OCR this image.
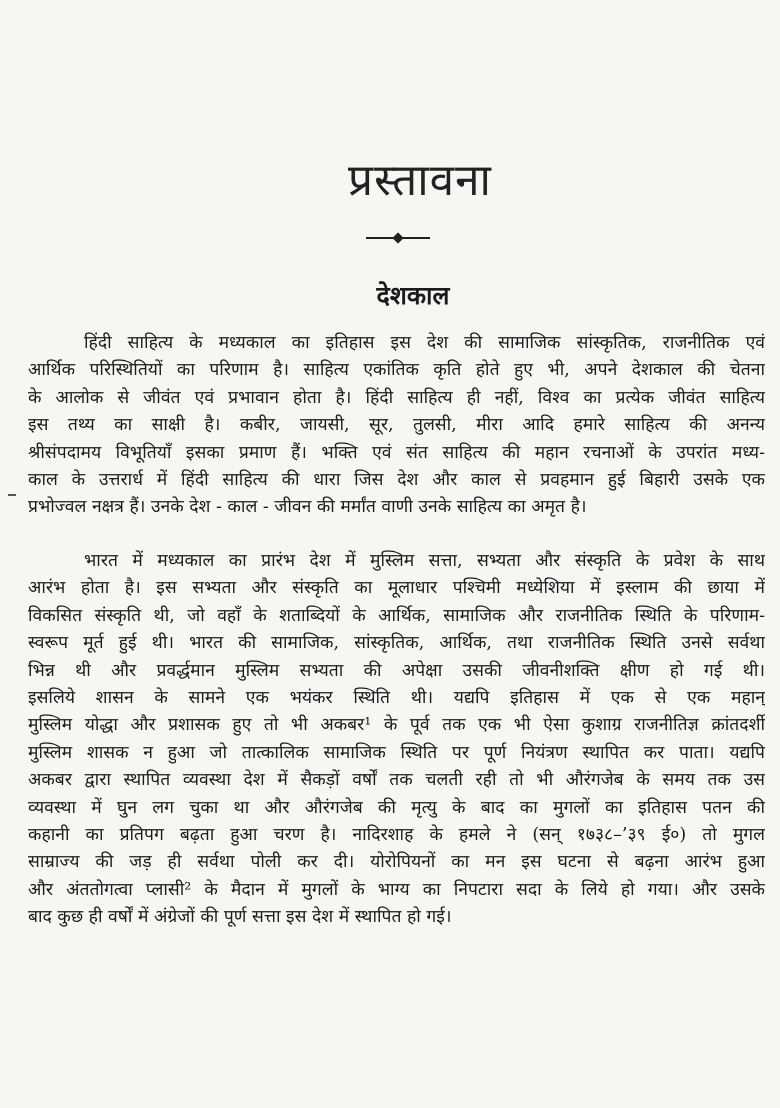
प्रस्तावना
देशकाल
हिंदी साहित्य के मध्यकाल का इतिहास इस देश की सामाजिक सांस्कृतिक, राजनीतिक एवं
आर्थिक परिस्थितियों का परिणाम है। साहित्य एकांतिक कृति होते हुए भी, अपने देशकाल की चेतना
के आलोक से जीवंत एवं प्रभावान होता है। हिंदी साहित्य ही नहीं, विश्व का प्रत्येक जीवंत साहित्य
इस तथ्य का साक्षी है। कबीर, जायसी, सूर, तुलसी, मीरा आदि हमारे साहित्य की अनन्य
श्रीसंपदामय विभूतियाँ इसका प्रमाण हैं। भक्ति एवं संत साहित्य की महान रचनाओं के उपरांत मध्य-
काल के उत्तरार्ध में हिंदी साहित्य की धारा जिस देश और काल से प्रवहमान हुई बिहारी उसके एक
प्रभोज्वल नक्षत्र हैं। उनके देश - काल - जीवन की मर्मांत वाणी उनके साहित्य का अमृत है।
भारत में मध्यकाल का प्रारंभ देश में मुस्लिम सत्ता, सभ्यता और संस्कृति के प्रवेश के साथ
आरंभ होता है। इस सभ्यता और संस्कृति का मूलाधार पश्चिमी मध्येशिया में इस्लाम की छाया में
विकसित संस्कृति थी, जो वहाँ के शताब्दियों के आर्थिक, सामाजिक और राजनीतिक स्थिति के परिणाम-
स्वरूप मूर्त हुई थी। भारत की सामाजिक, सांस्कृतिक, आर्थिक, तथा राजनीतिक स्थिति उनसे सर्वथा
भिन्न थी और प्रवर्द्धमान मुस्लिम सभ्यता की अपेक्षा उसकी जीवनीशक्ति क्षीण हो गई थी।
इसलिये शासन के सामने एक भयंकर स्थिति थी। यद्यपि इतिहास में एक से एक महान्
मुस्लिम योद्धा और प्रशासक हुए तो भी अकबर¹ के पूर्व तक एक भी ऐसा कुशाग्र राजनीतिज्ञ क्रांतदर्शी
मुस्लिम शासक न हुआ जो तात्कालिक सामाजिक स्थिति पर पूर्ण नियंत्रण स्थापित कर पाता। यद्यपि
अकबर द्वारा स्थापित व्यवस्था देश में सैकड़ों वर्षों तक चलती रही तो भी औरंगजेब के समय तक उस
व्यवस्था में घुन लग चुका था और औरंगजेब की मृत्यु के बाद का मुगलों का इतिहास पतन की
कहानी का प्रतिपग बढ़ता हुआ चरण है। नादिरशाह के हमले ने (सन् १७३८–’३९ ई०) तो मुगल
साम्राज्य की जड़ ही सर्वथा पोली कर दी। योरोपियनों का मन इस घटना से बढ़ना आरंभ हुआ
और अंततोगत्वा प्लासी² के मैदान में मुगलों के भाग्य का निपटारा सदा के लिये हो गया। और उसके
बाद कुछ ही वर्षों में अंग्रेजों की पूर्ण सत्ता इस देश में स्थापित हो गई।
